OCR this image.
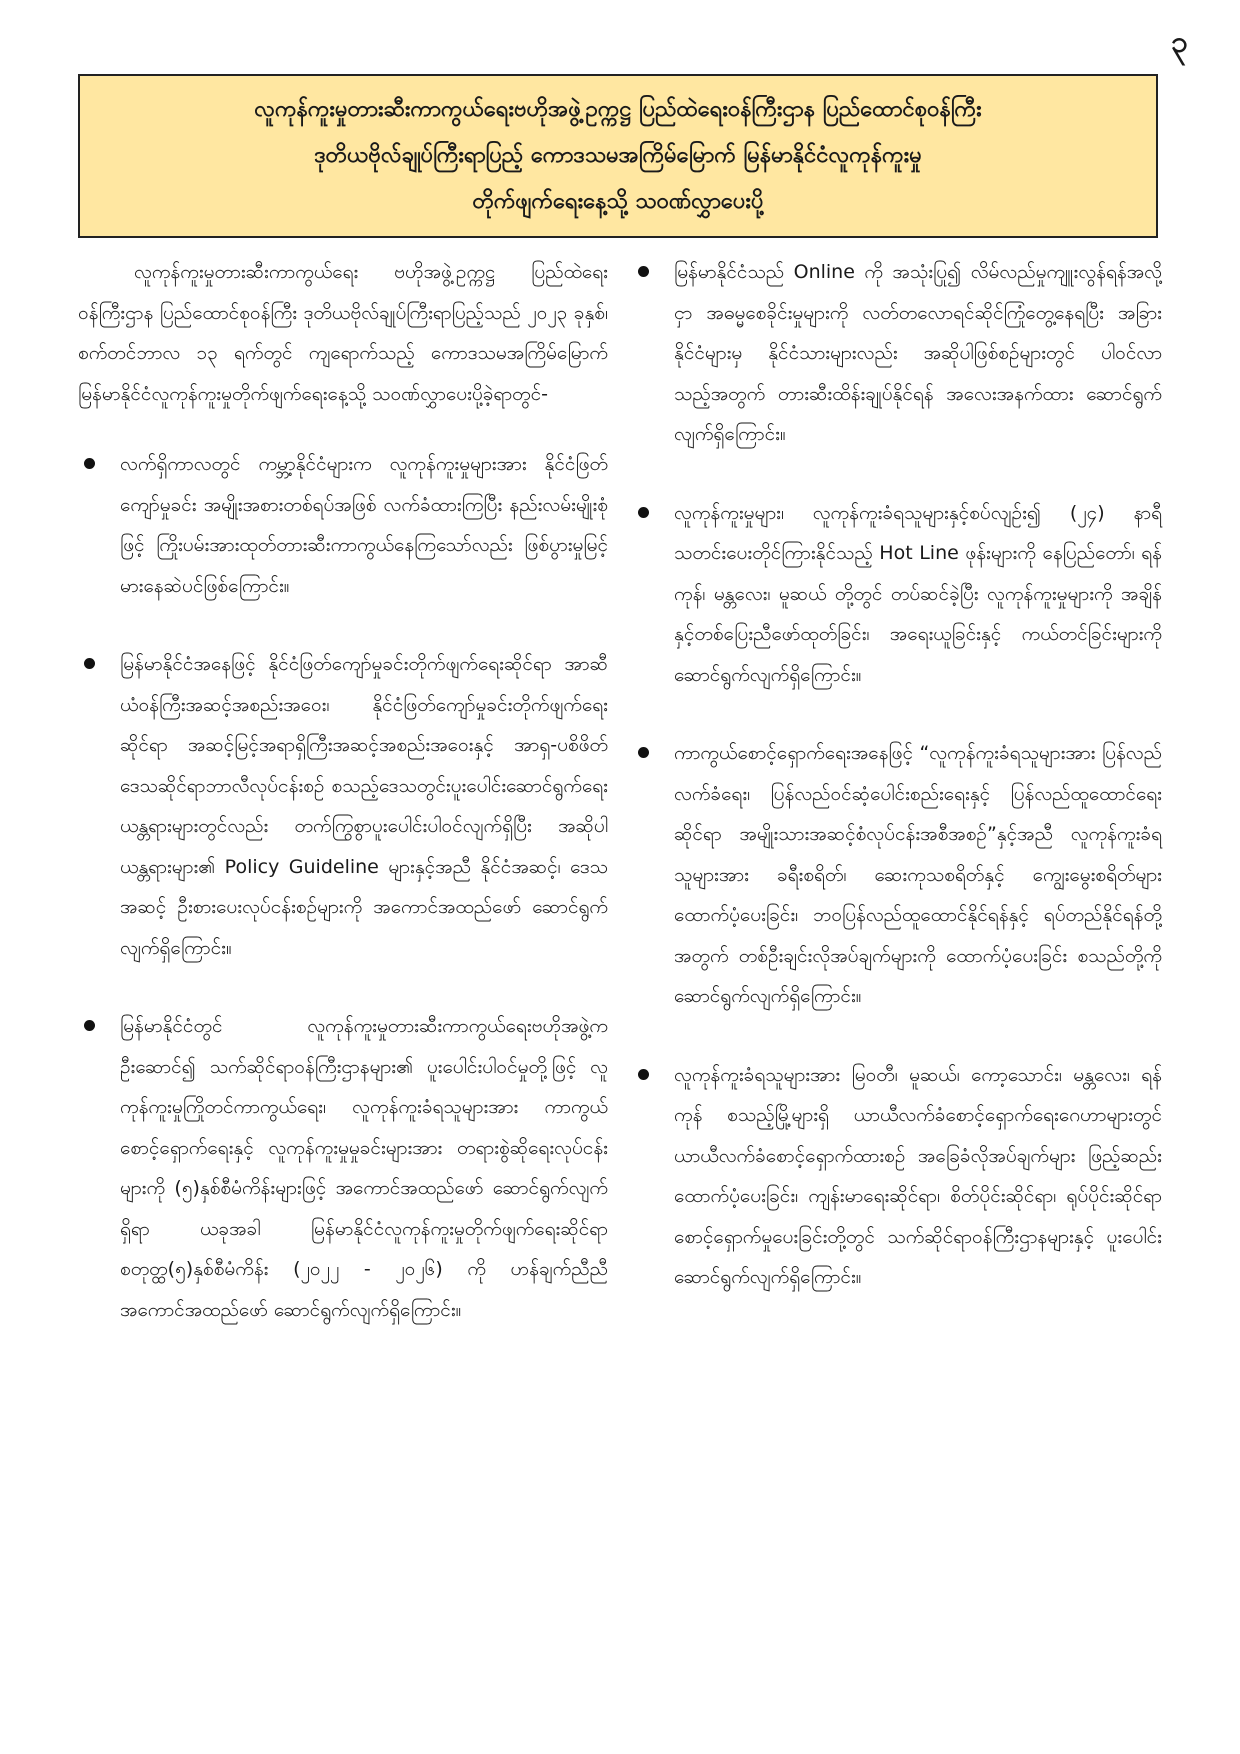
၃
လူကုန်ကူးမှုတားဆီးကာကွယ်ရေးဗဟိုအဖွဲ့ဥက္ကဋ္ဌ ပြည်ထဲရေးဝန်ကြီးဌာန ပြည်ထောင်စုဝန်ကြီး
ဒုတိယဗိုလ်ချုပ်ကြီးရာပြည့် ကောဒသမအကြိမ်မြောက် မြန်မာနိုင်ငံလူကုန်ကူးမှု
တိုက်ဖျက်ရေးနေ့သို့ သဝဏ်လွှာပေးပို့

လူကုန်ကူးမှုတားဆီးကာကွယ်ရေး ဗဟိုအဖွဲ့ဥက္ကဋ္ဌ ပြည်ထဲရေးဝန်ကြီးဌာန ပြည်ထောင်စုဝန်ကြီး ဒုတိယဗိုလ်ချုပ်ကြီးရာပြည့်သည် ၂၀၂၃ ခုနှစ်၊ စက်တင်ဘာလ ၁၃ ရက်တွင် ကျရောက်သည့် ကောဒသမအကြိမ်မြောက် မြန်မာနိုင်ငံလူကုန်ကူးမှုတိုက်ဖျက်ရေးနေ့သို့ သဝဏ်လွှာပေးပို့ခဲ့ရာတွင်-

လက်ရှိကာလတွင် ကမ္ဘာ့နိုင်ငံများက လူကုန်ကူးမှုများအား နိုင်ငံဖြတ်ကျော်မှုခင်း အမျိုးအစားတစ်ရပ်အဖြစ် လက်ခံထားကြပြီး နည်းလမ်းမျိုးစုံဖြင့် ကြိုးပမ်းအားထုတ်တားဆီးကာကွယ်နေကြသော်လည်း ဖြစ်ပွားမှုမြင့်မားနေဆဲပင်ဖြစ်ကြောင်း။
မြန်မာနိုင်ငံအနေဖြင့် နိုင်ငံဖြတ်ကျော်မှုခင်းတိုက်ဖျက်ရေးဆိုင်ရာ အာဆီယံဝန်ကြီးအဆင့်အစည်းအဝေး၊ နိုင်ငံဖြတ်ကျော်မှုခင်းတိုက်ဖျက်ရေးဆိုင်ရာ အဆင့်မြင့်အရာရှိကြီးအဆင့်အစည်းအဝေးနှင့် အာရှ-ပစိဖိတ်ဒေသဆိုင်ရာဘာလီလုပ်ငန်းစဉ် စသည့်ဒေသတွင်းပူးပေါင်းဆောင်ရွက်ရေးယန္တရားများတွင်လည်း တက်ကြွစွာပူးပေါင်းပါဝင်လျက်ရှိပြီး အဆိုပါယန္တရားများ၏ Policy Guideline များနှင့်အညီ နိုင်ငံအဆင့်၊ ဒေသအဆင့် ဦးစားပေးလုပ်ငန်းစဉ်များကို အကောင်အထည်ဖော် ဆောင်ရွက်လျက်ရှိကြောင်း။
မြန်မာနိုင်ငံတွင် လူကုန်ကူးမှုတားဆီးကာကွယ်ရေးဗဟိုအဖွဲ့က ဦးဆောင်၍ သက်ဆိုင်ရာဝန်ကြီးဌာနများ၏ ပူးပေါင်းပါဝင်မှုတို့ဖြင့် လူကုန်ကူးမှုကြိုတင်ကာကွယ်ရေး၊ လူကုန်ကူးခံရသူများအား ကာကွယ်စောင့်ရှောက်ရေးနှင့် လူကုန်ကူးမှုမှုခင်းများအား တရားစွဲဆိုရေးလုပ်ငန်းများကို (၅)နှစ်စီမံကိန်းများဖြင့် အကောင်အထည်ဖော် ဆောင်ရွက်လျက်ရှိရာ ယခုအခါ မြန်မာနိုင်ငံလူကုန်ကူးမှုတိုက်ဖျက်ရေးဆိုင်ရာ စတုတ္ထ(၅)နှစ်စီမံကိန်း (၂၀၂၂ - ၂၀၂၆) ကို ဟန်ချက်ညီညီ အကောင်အထည်ဖော် ဆောင်ရွက်လျက်ရှိကြောင်း။
မြန်မာနိုင်ငံသည် Online ကို အသုံးပြု၍ လိမ်လည်မှုကျူးလွန်ရန်အလို့ငှာ အဓမ္မစေခိုင်းမှုများကို လတ်တလောရင်ဆိုင်ကြုံတွေ့နေရပြီး အခြားနိုင်ငံများမှ နိုင်ငံသားများလည်း အဆိုပါဖြစ်စဉ်များတွင် ပါဝင်လာသည့်အတွက် တားဆီးထိန်းချုပ်နိုင်ရန် အလေးအနက်ထား ဆောင်ရွက်လျက်ရှိကြောင်း။
လူကုန်ကူးမှုများ၊ လူကုန်ကူးခံရသူများနှင့်စပ်လျဉ်း၍ (၂၄) နာရီ သတင်းပေးတိုင်ကြားနိုင်သည့် Hot Line ဖုန်းများကို နေပြည်တော်၊ ရန်ကုန်၊ မန္တလေး၊ မူဆယ် တို့တွင် တပ်ဆင်ခဲ့ပြီး လူကုန်ကူးမှုများကို အချိန်နှင့်တစ်ပြေးညီဖော်ထုတ်ခြင်း၊ အရေးယူခြင်းနှင့် ကယ်တင်ခြင်းများကို ဆောင်ရွက်လျက်ရှိကြောင်း။
ကာကွယ်စောင့်ရှောက်ရေးအနေဖြင့် “လူကုန်ကူးခံရသူများအား ပြန်လည်လက်ခံရေး၊ ပြန်လည်ဝင်ဆံ့ပေါင်းစည်းရေးနှင့် ပြန်လည်ထူထောင်ရေးဆိုင်ရာ အမျိုးသားအဆင့်စံလုပ်ငန်းအစီအစဉ်”နှင့်အညီ လူကုန်ကူးခံရသူများအား ခရီးစရိတ်၊ ဆေးကုသစရိတ်နှင့် ကျွေးမွေးစရိတ်များ ထောက်ပံ့ပေးခြင်း၊ ဘဝပြန်လည်ထူထောင်နိုင်ရန်နှင့် ရပ်တည်နိုင်ရန်တို့အတွက် တစ်ဦးချင်းလိုအပ်ချက်များကို ထောက်ပံ့ပေးခြင်း စသည်တို့ကို ဆောင်ရွက်လျက်ရှိကြောင်း။
လူကုန်ကူးခံရသူများအား မြဝတီ၊ မူဆယ်၊ ကော့သောင်း၊ မန္တလေး၊ ရန်ကုန် စသည့်မြို့များရှိ ယာယီလက်ခံစောင့်ရှောက်ရေးဂေဟာများတွင် ယာယီလက်ခံစောင့်ရှောက်ထားစဉ် အခြေခံလိုအပ်ချက်များ ဖြည့်ဆည်းထောက်ပံ့ပေးခြင်း၊ ကျန်းမာရေးဆိုင်ရာ၊ စိတ်ပိုင်းဆိုင်ရာ၊ ရုပ်ပိုင်းဆိုင်ရာ စောင့်ရှောက်မှုပေးခြင်းတို့တွင် သက်ဆိုင်ရာဝန်ကြီးဌာနများနှင့် ပူးပေါင်းဆောင်ရွက်လျက်ရှိကြောင်း။
